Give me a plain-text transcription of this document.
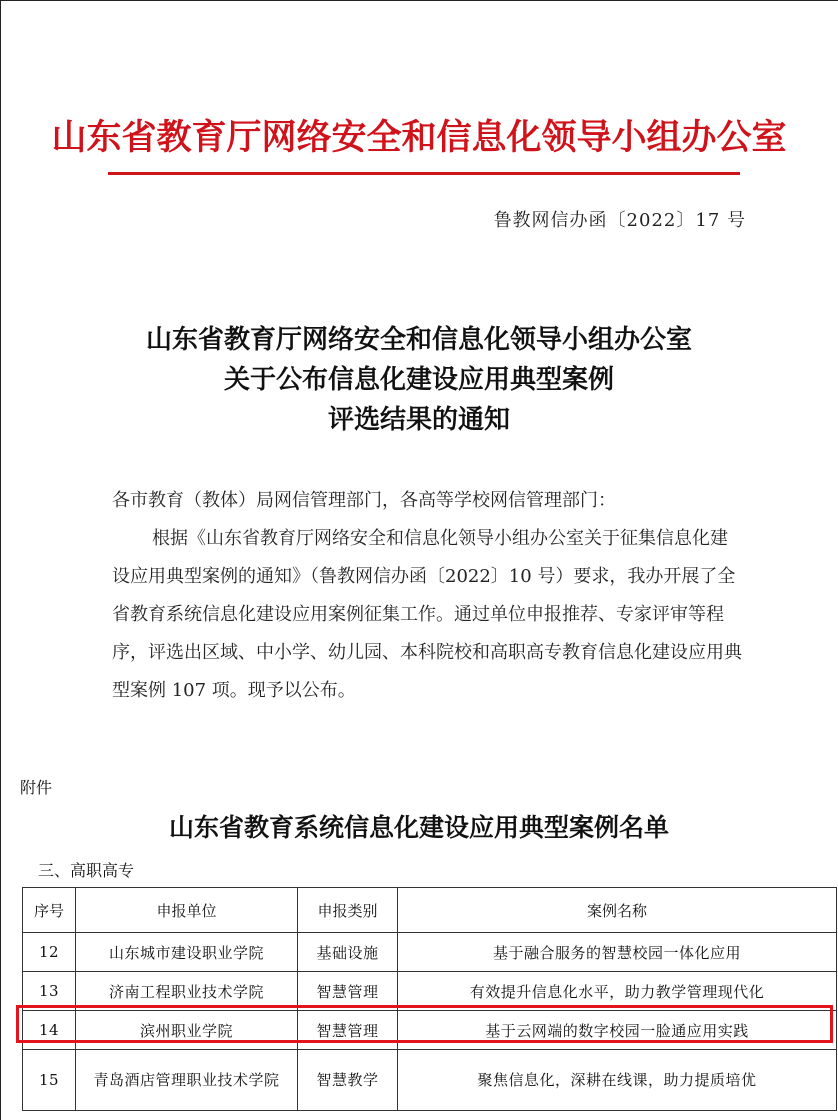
山东省教育厅网络安全和信息化领导小组办公室
鲁教网信办函〔2022〕17 号
山东省教育厅网络安全和信息化领导小组办公室
关于公布信息化建设应用典型案例
评选结果的通知

各市教育（教体）局网信管理部门，各高等学校网信管理部门：

根据《山东省教育厅网络安全和信息化领导小组办公室关于征集信息化建设应用典型案例的通知》（鲁教网信办函〔2022〕10 号）要求，我办开展了全省教育系统信息化建设应用案例征集工作。通过单位申报推荐、专家评审等程序，评选出区域、中小学、幼儿园、本科院校和高职高专教育信息化建设应用典型案例 107 项。现予以公布。

附件
山东省教育系统信息化建设应用典型案例名单
三、高职高专
序号	申报单位	申报类别	案例名称
12	山东城市建设职业学院	基础设施	基于融合服务的智慧校园一体化应用
13	济南工程职业技术学院	智慧管理	有效提升信息化水平，助力教学管理现代化
14	滨州职业学院	智慧管理	基于云网端的数字校园一脸通应用实践
15	青岛酒店管理职业技术学院	智慧教学	聚焦信息化，深耕在线课，助力提质培优
